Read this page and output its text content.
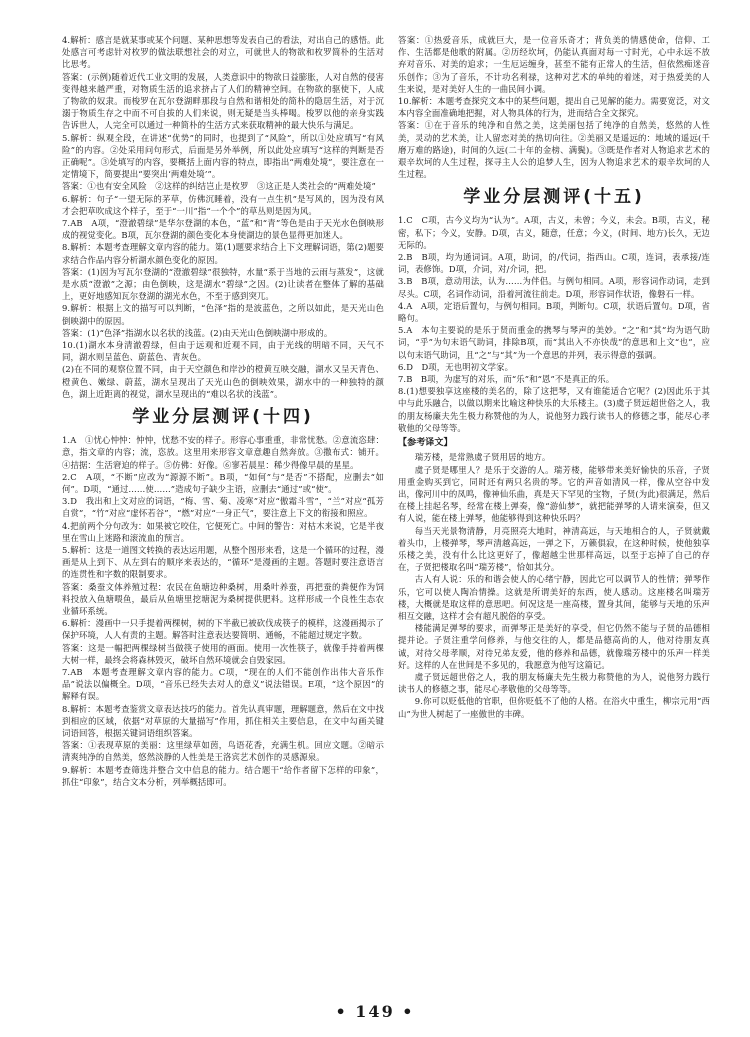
4.解析：感言是就某事或某个问题、某种思想等发表自己的看法，对出自己的感悟。此处感言可考虑针对枚罗的做法联想社会的对立，可就世人的物欲和枚罗简朴的生活对比思考。

答案：(示例)随着近代工业文明的发展，人类意识中的物欲日益膨胀，人对自然的侵害变得越来越严重，对物质生活的追求挤占了人们的精神空间。在物欲的驱使下，人成了物欲的奴隶。而梭罗在瓦尔登湖畔那段与自然和谐相处的简朴的隐居生活，对于沉溺于物质生存之中而不可自拔的人们来说，则无疑是当头棒喝。梭罗以他的亲身实践告诉世人，人完全可以通过一种简朴的生活方式来获取精神的最大快乐与满足。

5.解析：纵观全段，在讲述“优势”的同时，也提到了“风险”，所以①处应填写“有风险”的内容。②处采用问句形式，后面是另外举例，所以此处应填写“这样的判断是否正确呢”。③处填写的内容，要概括上面内容的特点，即指出“两难处境”，要注意在一定情境下，简要提出“要突出‘两难处境’”。

答案：①也有安全风险　②这样的纠结岂止是枚罗　③这正是人类社会的“两难处境”

6.解析：句子“一望无际的茅草，仿佛沉睡着，没有一点生机”是写风的，因为没有风才会把草吹成这个样子，至于“一川”指“一个个”的草丛则是因为风。

7.AB　A项，“澄澈碧绿”是华尔登湖的本色，“蓝”和“青”等色是由于天光水色倒映形成的视觉变化。B项，瓦尔登湖的颜色变化本身使湖边的景色显得更加迷人。

8.解析：本题考查理解文章内容的能力。第(1)题要求结合上下文理解词语，第(2)题要求结合作品内容分析湖水颜色变化的原因。

答案：(1)因为写瓦尔登湖的“澄澈碧绿”很独特，水量“系于当地的云雨与蒸发”，这就是水质“澄澈”之源；由色倒映，这是湖水“碧绿”之因。(2)让读者在整体了解的基础上，更好地感知瓦尔登湖的湖光水色，不至于感到突兀。

9.解析：根据上文的描写可以判断，“色泽”指的是波蓝色，之所以如此，是天光山色倒映湖中的原因。

答案：(1)“色泽”指湖水以名状的浅蓝。(2)由天光山色倒映湖中形成的。

10.(1)湖水本身清澈碧绿，但由于远观和近观不同，由于光线的明暗不同，天气不同，湖水则呈蓝色、蔚蓝色、青灰色。

(2)在不同的观察位置不同，由于天空颜色和岸沙的橙黄互映交融，湖水又呈天青色、橙黄色、嫩绿、蔚蓝，湖水呈现出了天光山色的倒映效果，湖水中的一种独特的颜色，湖上近距离的视觉，湖水呈现出的“难以名状的浅蓝”。

学业分层测评(十四)

1.A　①忧心忡忡：忡忡，忧愁不安的样子。形容心事重重，非常忧愁。②意流恣肆：意，指文章的内容；流，恣放。这里用来形容文章意趣自然奔放。③撒布式：铺开。④拮据：生活窘迫的样子。⑤仿佛：好像。⑥寥若晨星：稀少得像早晨的星星。

2.C　A项，“不断”应改为“源源不断”。B项，“如何”与“是否”不搭配，应删去“如何”。D项，“通过……使……”造成句子缺少主语，应删去“通过”或“使”。

3.D　我出和上文对应的词语，“梅、雪、菊、凌寒”对应“傲霜斗雪”，“兰”对应“孤芳自赏”，“竹”对应“虚怀若谷”，“燃”对应“一身正气”，要注意上下文的衔接和照应。

4.把前两个分句改为：如果被它咬住，它便死亡。中间的警告：对枯木来说，它是半夜里在雪山上迷路和滚流血的预言。

5.解析：这是一道图文转换的表达运用题，从整个图形来看，这是一个循环的过程，漫画是从上到下、从左到右的顺序来表达的，“循环”是漫画的主题。答题时要注意语言的连贯性和字数的限制要求。

答案：桑蚕文体养殖过程：农民在鱼塘边种桑树，用桑叶养蚕，再把蚕的粪便作为饲料投放入鱼塘喂鱼，最后从鱼塘里挖塘泥为桑树提供肥料。这样形成一个良性生态农业循环系统。

6.解析：漫画中一只手提着两棵树，树的下半截已被砍伐成筷子的模样，这漫画揭示了保护环境，人人有责的主题。解答时注意表达要简明、通畅，不能超过规定字数。

答案：这是一幅把两棵绿树当做筷子使用的画面。使用一次性筷子，就像手持着两棵大树一样，最终会将森林毁灭，破坏自然环境就会自毁家园。

7.AB　本题考查理解文章内容的能力。C项，“现在的人们不能创作出伟大音乐作品”说法以偏概全。D项，“音乐已经失去对人的意义”说法错误。E项，“这个原因”的解释有误。

8.解析：本题考查鉴赏文章表达技巧的能力。首先认真审题，理解题意，然后在文中找到相应的区域，依据“对草原的大量描写”作用，抓住相关主要信息，在文中勾画关键词语回答，根据关键词语组织答案。

答案：①表现草原的美丽：这里绿草如茵，鸟语花香，充满生机。回应文题。②暗示清爽纯净的自然美，悠然淡静的人性美是王洛宾艺术创作的灵感源泉。

9.解析：本题考查筛选并整合文中信息的能力。结合题干“给作者留下怎样的印象”，抓住“印象”，结合文本分析，列举概括即可。

答案：①热爱音乐，成就巨大，是一位音乐奇才；背负美的情感使命，信仰、工作、生活都是他歌的附属。②历经坎坷，仍能认真面对每一寸时光，心中永远不放弃对音乐、对美的追求；一生厄运缠身，甚至不能有正常人的生活，但依然痴迷音乐创作；③为了音乐，不计功名利禄，这种对艺术的单纯的着迷，对于热爱美的人生来说，是对美好人生的一曲民间小调。

10.解析：本题考查探究文本中的某些问题，提出自己见解的能力。需要宽泛，对文本内容全面准确地把握，对人物具体的行为，进而结合全文探究。

答案：①在于音乐的纯净和自然之美，这美丽包括了纯净的自然美，悠然的人性美，灵动的艺术美，让人留恋对美的热切向往。②美丽又是遥远的：地域的遥远(千磨万难的路途)，时间的久远(二十年的金榜、满鬓)。③既是作者对人物追求艺术的艰辛坎坷的人生过程，探寻主人公的追梦人生，因为人物追求艺术的艰辛坎坷的人生过程。

学业分层测评(十五)

1.C　C项，古今义均为“认为”。A项，古义，未曾；今义，未会。B项，古义，秘密，私下；今义，安静。D项，古义，随意，任意；今义，(时间、地方)长久，无边无际的。

2.B　B项，均为通词词。A项，助词，的/代词，指西山。C项，连词，表承接/连词，表修饰。D项，介词，对/介词，把。

3.B　B项，意动用法，认为……为伴侣。与例句相同。A项，形容词作动词，走到尽头。C项，名词作动词，沿着河流往前走。D项，形容词作状语，像磐石一样。

4.A　A项，定语后置句，与例句相同。B项，判断句。C项，状语后置句。D项，省略句。

5.A　本句主要说的是乐于贤而重金的携琴与琴声的美妙。“之”和“其”均为语气助词，“乎”为句末语气助词，排除B项，而“其出入不亦快哉”的意思和上文“也”，应以句末语气助词，且“之”与“其”为一个意思的并列，表示得意的强调。

6.D　D项，无也明初文学家。

7.B　B项，为虚写的对乐，而“乐”和“恩”不是真正的乐。

8.(1)想要独享这座楼的美名的，除了这把琴，又有谁能适合它呢？(2)因此乐于其中与此乐融合，以做以期来比喻这种快乐的大乐楼主。(3)虞子贤远超世俗之人，我的朋友杨廉夫先生极力称赞他的为人，说他努力践行读书人的修德之事，能尽心孝敬他的父母等等。

【参考译文】

瑞芳楼，是常熟虞子贤用居的地方。

虞子贤是哪里人？是乐于交游的人。瑞芳楼，能够带来美好愉快的乐音，子贤用重金购买到它，同时还有两只名贵的琴。它的声音如清风一样，像从空谷中发出，像河川中的凤鸣，像神仙乐曲，真是天下罕见的宝物，子贤(为此)很满足，然后在楼上挂起名琴，经常在楼上弹奏，像“游仙梦”，就把能弹琴的人请来演奏，但又有人说，能在楼上弹琴，他能够得到这种快乐吗？

每当天光景物清静，月亮照亮大地时，神清高远，与天地相合的人，子贤就戴着头巾，上楼弹琴，琴声清越高远，一弹之下，万籁俱寂，在这种时候，使他独享乐楼之美，没有什么比这更好了，像超越尘世那样高远，以至于忘掉了自己的存在，子贤把楼取名叫“瑞芳楼”，恰如其分。

古人有人说：乐的和谐会使人的心绪宁静，因此它可以调节人的性情；弹琴作乐，它可以使人陶冶情操。这就是所谓美好的东西，使人感动。这座楼名叫瑞芳楼，大概就是取这样的意思吧。何况这是一座高楼，置身其间，能够与天地的乐声相互交融，这样才会有超凡脱俗的享受。

楼能满足弹琴的要求，而弹琴正是美好的享受，但它仍然不能与子贤的品德相提并论。子贤注重学问修养，与他交往的人，都是品德高尚的人，他对待朋友真诚，对待父母孝顺，对待兄弟友爱，他的修养和品德，就像瑞芳楼中的乐声一样美好。这样的人在世间是不多见的，我愿意为他写这篇记。

虞子贤远超世俗之人，我的朋友杨廉夫先生极力称赞他的为人，说他努力践行读书人的修德之事，能尽心孝敬他的父母等等。

9.你可以贬低他的官职，但你贬低不了他的人格。在浴火中重生，柳宗元用“西山”为世人树起了一座傲世的丰碑。

• 149 •
